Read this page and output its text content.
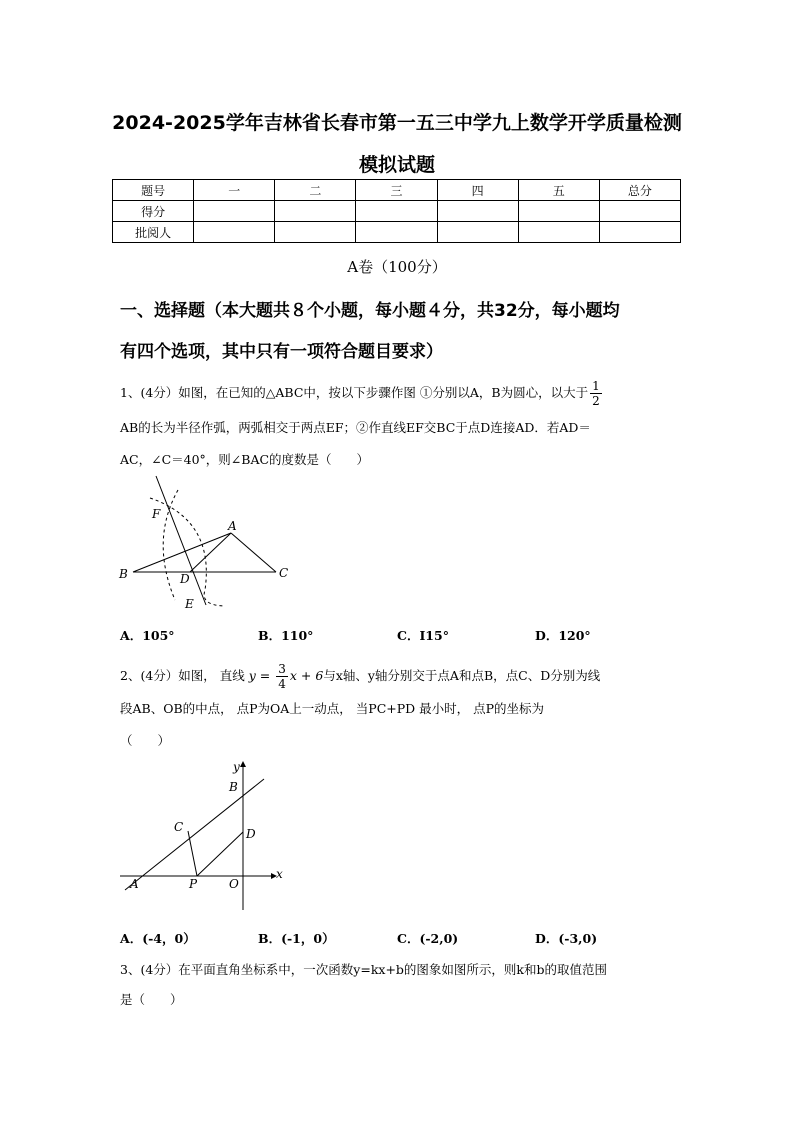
2024-2025学年吉林省长春市第一五三中学九上数学开学质量检测
模拟试题
题号	一	二	三	四	五	总分
得分						
批阅人						
A卷（100分）
一、选择题（本大题共８个小题，每小题４分，共32分，每小题均
有四个选项，其中只有一项符合题目要求）
1、(4分）如图，在已知的△ABC中，按以下步骤作图 ①分别以A，B为圆心，以大于 $\frac{1}{2}$
AB的长为半径作弧，两弧相交于两点EF；②作直线EF交BC于点D连接AD．若AD＝
AC，∠C＝40°，则∠BAC的度数是（　　）
F
A
B	D	C
E
A．105°	B．110°	C．I15°	D．120°
2、(4分）如图， 直线 $y = \frac{3}{4}$ x + 6与x轴、y轴分别交于点A和点B，点C、D分别为线
段AB、OB的中点， 点P为OA上一动点， 当PC+PD 最小时， 点P的坐标为
（　　）
y
B
C	D
A	P	O
x
A．(-4，0）	B．(-1，0）	C．(-2,0)	D．(-3,0)
3、(4分）在平面直角坐标系中，一次函数y=kx+b的图象如图所示，则k和b的取值范围
是（　　）
